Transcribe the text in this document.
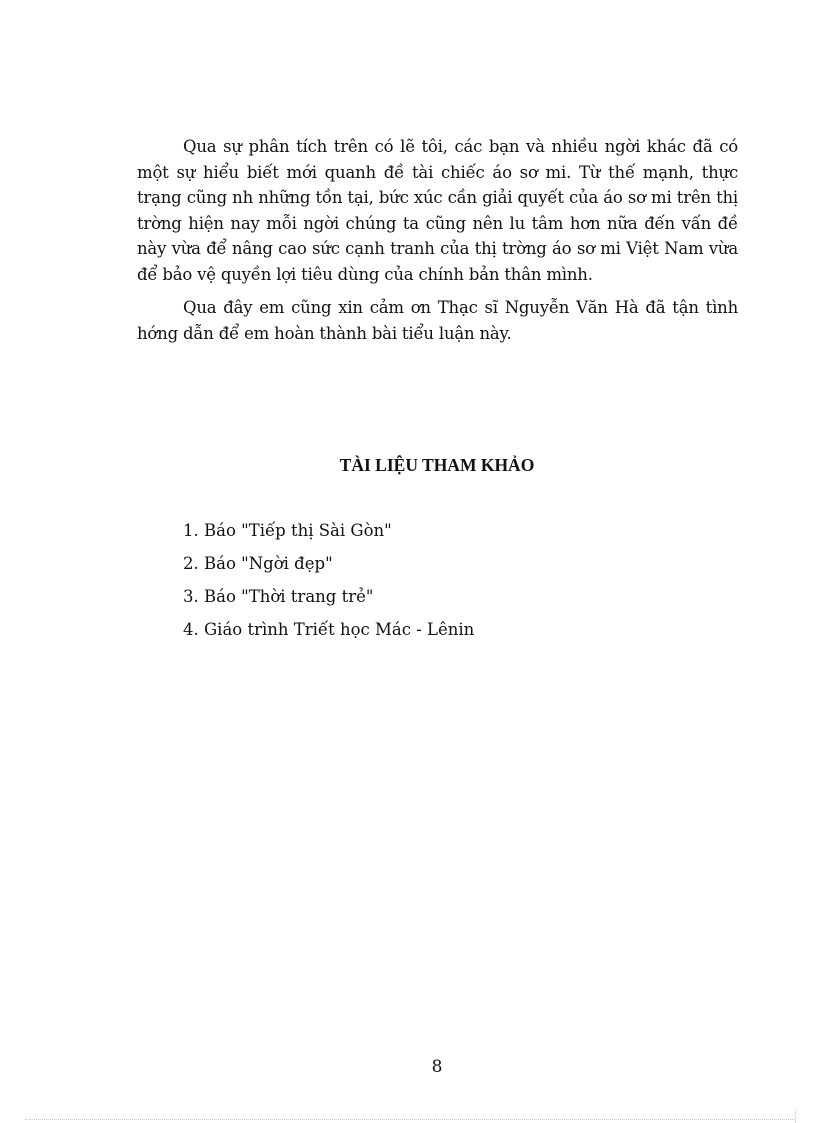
Qua sự phân tích trên có lẽ tôi, các bạn và nhiều ngời khác đã có một sự hiểu biết mới quanh đề tài chiếc áo sơ mi. Từ thế mạnh, thực trạng cũng nh những tồn tại, bức xúc cần giải quyết của áo sơ mi trên thị trờng hiện nay mỗi ngời chúng ta cũng nên lu tâm hơn nữa đến vấn đề này vừa để nâng cao sức cạnh tranh của thị trờng áo sơ mi Việt Nam vừa để bảo vệ quyền lợi tiêu dùng của chính bản thân mình.

Qua đây em cũng xin cảm ơn Thạc sĩ Nguyễn Văn Hà đã tận tình hớng dẫn để em hoàn thành bài tiểu luận này.

TÀI LIỆU THAM KHẢO
1. Báo "Tiếp thị Sài Gòn"
2. Báo "Ngời đẹp"
3. Báo "Thời trang trẻ"
4. Giáo trình Triết học Mác - Lênin
8
